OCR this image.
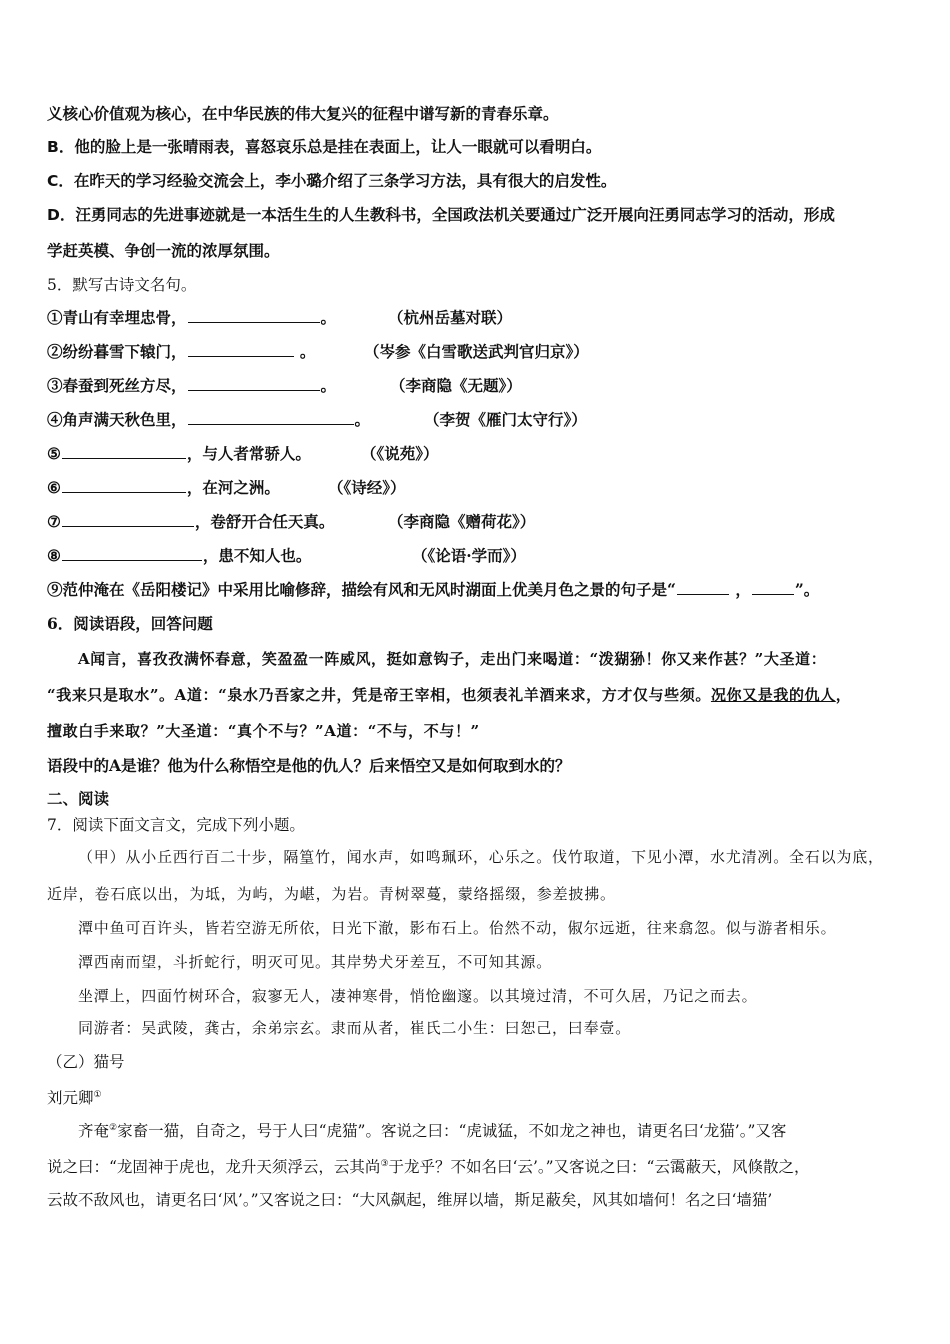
义核心价值观为核心，在中华民族的伟大复兴的征程中谱写新的青春乐章。
B．他的脸上是一张晴雨表，喜怒哀乐总是挂在表面上，让人一眼就可以看明白。
C．在昨天的学习经验交流会上，李小璐介绍了三条学习方法，具有很大的启发性。
D．汪勇同志的先进事迹就是一本活生生的人生教科书，全国政法机关要通过广泛开展向汪勇同志学习的活动，形成
学赶英模、争创一流的浓厚氛围。
5．默写古诗文名句。
①青山有幸埋忠骨，	。	（杭州岳墓对联）
②纷纷暮雪下辕门，	。	（岑参《白雪歌送武判官归京》）
③春蚕到死丝方尽，	。	（李商隐《无题》）
④角声满天秋色里，	。	（李贺《雁门太守行》）
⑤	，与人者常骄人。	（《说苑》）
⑥	，在河之洲。	（《诗经》）
⑦	，卷舒开合任天真。	（李商隐《赠荷花》）
⑧	，患不知人也。	（《论语·学而》）
⑨范仲淹在《岳阳楼记》中采用比喻修辞，描绘有风和无风时湖面上优美月色之景的句子是“	，	”。
6．阅读语段，回答问题
A闻言，喜孜孜满怀春意，笑盈盈一阵威风，挺如意钩子，走出门来喝道：“泼猢狲！你又来作甚？”大圣道：
“我来只是取水”。A道：“泉水乃吾家之井，凭是帝王宰相，也须表礼羊酒来求，方才仅与些须。况你又是我的仇人，
擅敢白手来取？”大圣道：“真个不与？”A道：“不与，不与！”
语段中的A是谁？他为什么称悟空是他的仇人？后来悟空又是如何取到水的？
二、阅读
7．阅读下面文言文，完成下列小题。
（甲）从小丘西行百二十步，隔篁竹，闻水声，如鸣珮环，心乐之。伐竹取道，下见小潭，水尤清冽。全石以为底，
近岸，卷石底以出，为坻，为屿，为嵁，为岩。青树翠蔓，蒙络摇缀，参差披拂。
潭中鱼可百许头，皆若空游无所依，日光下澈，影布石上。佁然不动，俶尔远逝，往来翕忽。似与游者相乐。
潭西南而望，斗折蛇行，明灭可见。其岸势犬牙差互，不可知其源。
坐潭上，四面竹树环合，寂寥无人，凄神寒骨，悄怆幽邃。以其境过清，不可久居，乃记之而去。
同游者：吴武陵，龚古，余弟宗玄。隶而从者，崔氏二小生：曰恕己，曰奉壹。
（乙）猫号
刘元卿①
齐奄②家畜一猫，自奇之，号于人曰“虎猫”。客说之曰：“虎诚猛，不如龙之神也，请更名曰‘龙猫’。”又客
说之曰：“龙固神于虎也，龙升天须浮云，云其尚③于龙乎？不如名曰‘云’。”又客说之曰：“云霭蔽天，风倏散之，
云故不敌风也，请更名曰‘风’。”又客说之曰：“大风飙起，维屏以墙，斯足蔽矣，风其如墙何！名之曰‘墙猫’
